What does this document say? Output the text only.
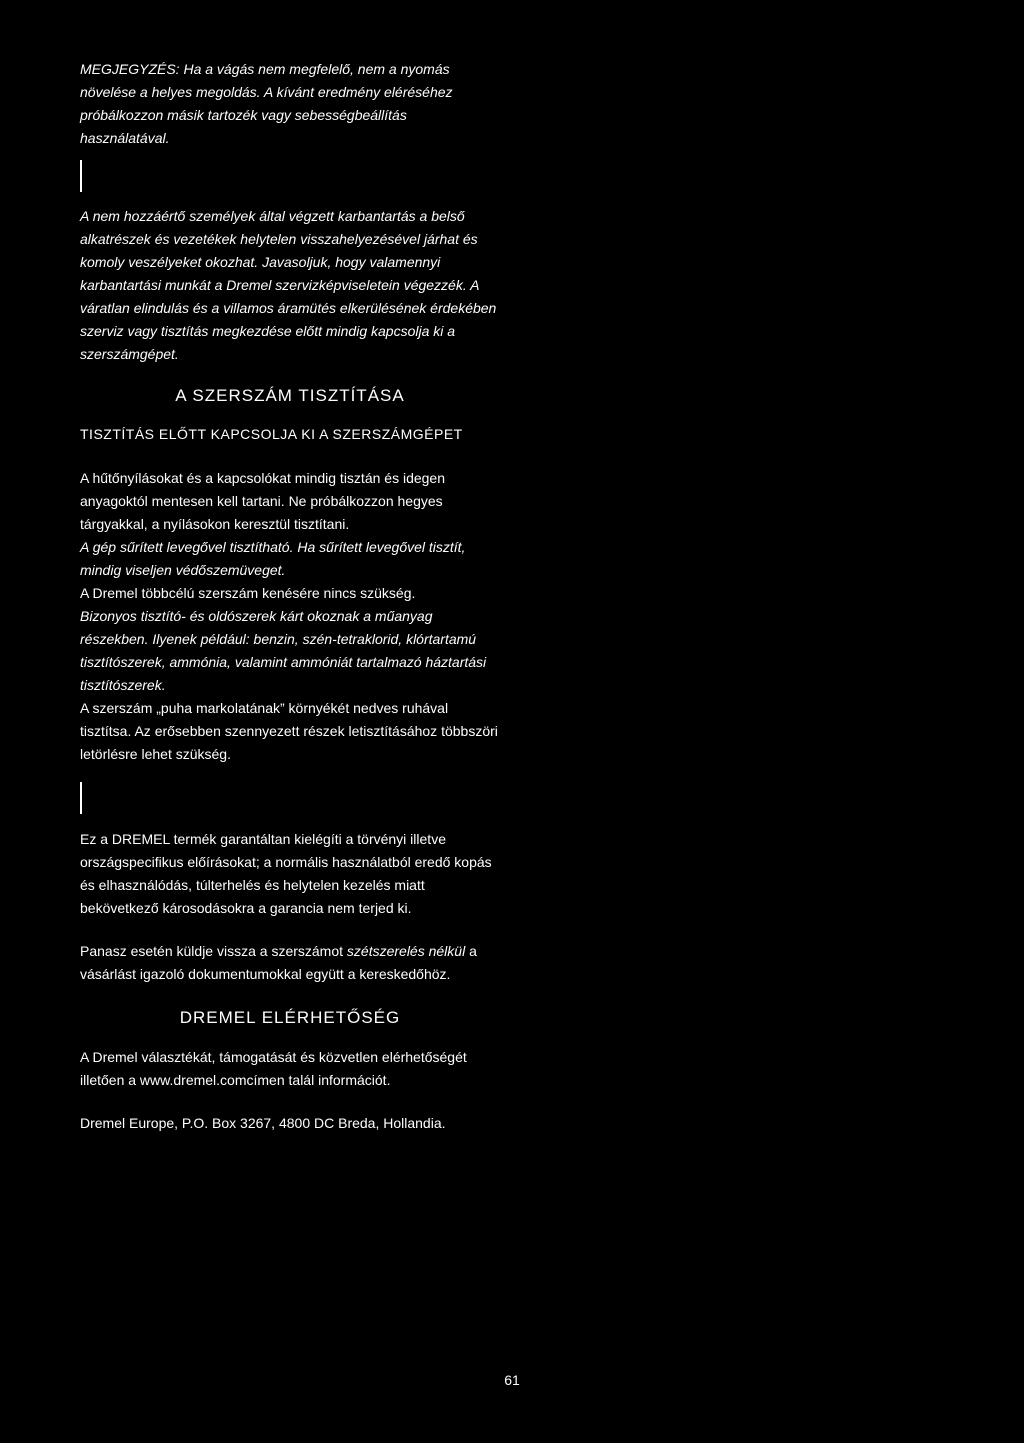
MEGJEGYZÉS: Ha a vágás nem megfelelő, nem a nyomás növelése a helyes megoldás. A kívánt eredmény eléréséhez próbálkozzon másik tartozék vagy sebességbeállítás használatával.

A nem hozzáértő személyek által végzett karbantartás a belső alkatrészek és vezetékek helytelen visszahelyezésével járhat és komoly veszélyeket okozhat. Javasoljuk, hogy valamennyi karbantartási munkát a Dremel szervizképviseletein végezzék. A váratlan elindulás és a villamos áramütés elkerülésének érdekében szerviz vagy tisztítás megkezdése előtt mindig kapcsolja ki a szerszámgépet.

A SZERSZÁM TISZTÍTÁSA
TISZTÍTÁS ELŐTT KAPCSOLJA KI A SZERSZÁMGÉPET

A hűtőnyílásokat és a kapcsolókat mindig tisztán és idegen anyagoktól mentesen kell tartani. Ne próbálkozzon hegyes tárgyakkal, a nyílásokon keresztül tisztítani.

A gép sűrített levegővel tisztítható. Ha sűrített levegővel tisztít, mindig viseljen védőszemüveget.

A Dremel többcélú szerszám kenésére nincs szükség.

Bizonyos tisztító- és oldószerek kárt okoznak a műanyag részekben. Ilyenek például: benzin, szén-tetraklorid, klórtartamú tisztítószerek, ammónia, valamint ammóniát tartalmazó háztartási tisztítószerek.

A szerszám „puha markolatának” környékét nedves ruhával tisztítsa. Az erősebben szennyezett részek letisztításához többszöri letörlésre lehet szükség.

Ez a DREMEL termék garantáltan kielégíti a törvényi illetve országspecifikus előírásokat; a normális használatból eredő kopás és elhasználódás, túlterhelés és helytelen kezelés miatt bekövetkező károsodásokra a garancia nem terjed ki.

Panasz esetén küldje vissza a szerszámot szétszerelés nélkül a vásárlást igazoló dokumentumokkal együtt a kereskedőhöz.

DREMEL ELÉRHETŐSÉG

A Dremel választékát, támogatását és közvetlen elérhetőségét illetően a www.dremel.comcímen talál információt.

Dremel Europe, P.O. Box 3267, 4800 DC Breda, Hollandia.

61
